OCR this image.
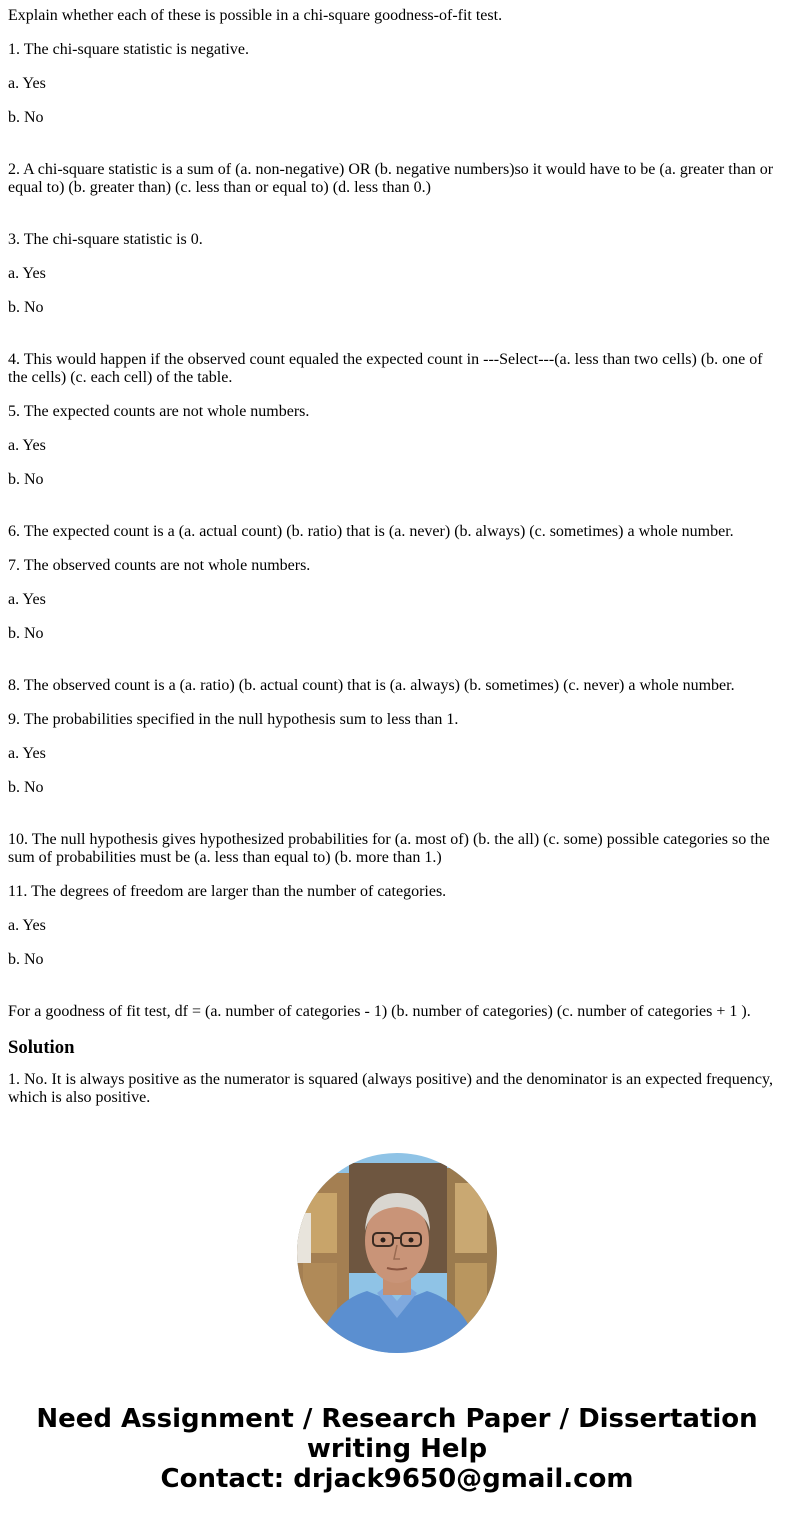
Explain whether each of these is possible in a chi-square goodness-of-fit test.

1. The chi-square statistic is negative.

a. Yes

b. No

2. A chi-square statistic is a sum of (a. non-negative) OR (b. negative numbers)so it would have to be (a. greater than or equal to) (b. greater than) (c. less than or equal to) (d. less than 0.)

3. The chi-square statistic is 0.

a. Yes

b. No

4. This would happen if the observed count equaled the expected count in ---Select---(a. less than two cells) (b. one of the cells) (c. each cell) of the table.

5. The expected counts are not whole numbers.

a. Yes

b. No

6. The expected count is a (a. actual count) (b. ratio) that is (a. never) (b. always) (c. sometimes) a whole number.

7. The observed counts are not whole numbers.

a. Yes

b. No

8. The observed count is a (a. ratio) (b. actual count) that is (a. always) (b. sometimes) (c. never) a whole number.

9. The probabilities specified in the null hypothesis sum to less than 1.

a. Yes

b. No

10. The null hypothesis gives hypothesized probabilities for (a. most of) (b. the all) (c. some) possible categories so the sum of probabilities must be (a. less than equal to) (b. more than 1.)

11. The degrees of freedom are larger than the number of categories.

a. Yes

b. No

For a goodness of fit test, df = (a. number of categories - 1) (b. number of categories) (c. number of categories + 1 ).

Solution

1. No. It is always positive as the numerator is squared (always positive) and the denominator is an expected frequency, which is also positive.

Need Assignment / Research Paper / Dissertation writing Help
Contact: drjack9650@gmail.com
